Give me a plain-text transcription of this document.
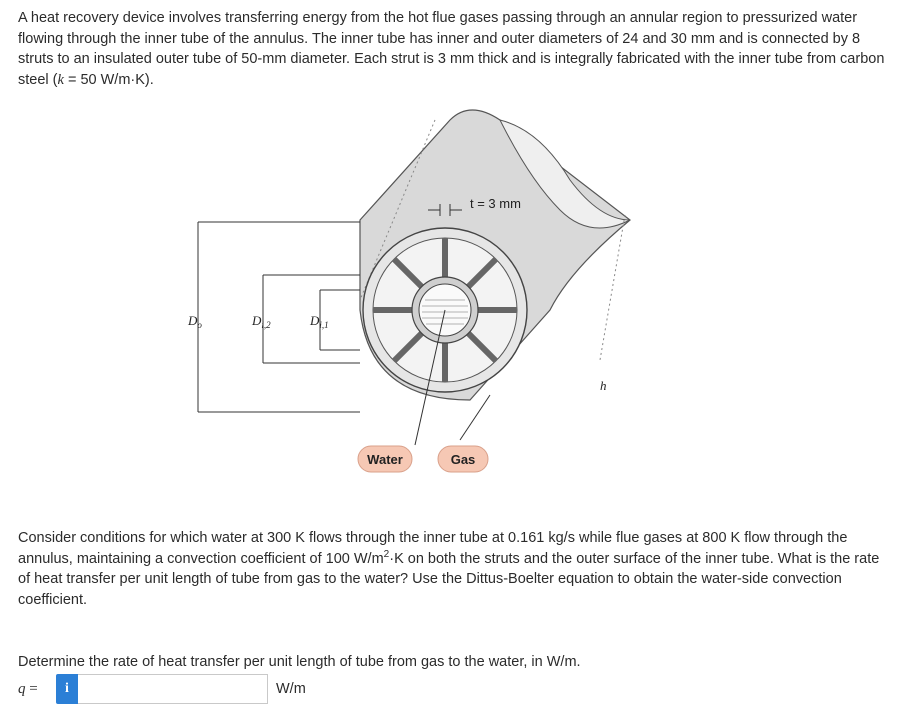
A heat recovery device involves transferring energy from the hot flue gases passing through an annular region to pressurized water flowing through the inner tube of the annulus. The inner tube has inner and outer diameters of 24 and 30 mm and is connected by 8 struts to an insulated outer tube of 50-mm diameter. Each strut is 3 mm thick and is integrally fabricated with the inner tube from carbon steel (k = 50 W/m·K).
t = 3 mm
$D_o$	$D_{i,2}$	$D_{i,1}$
h
Water	Gas
Consider conditions for which water at 300 K flows through the inner tube at 0.161 kg/s while flue gases at 800 K flow through the annulus, maintaining a convection coefficient of 100 $W/m^2\cdot K$ on both the struts and the outer surface of the inner tube. What is the rate of heat transfer per unit length of tube from gas to the water? Use the Dittus-Boelter equation to obtain the water-side convection coefficient.
Determine the rate of heat transfer per unit length of tube from gas to the water, in W/m.
q =	i	W/m
